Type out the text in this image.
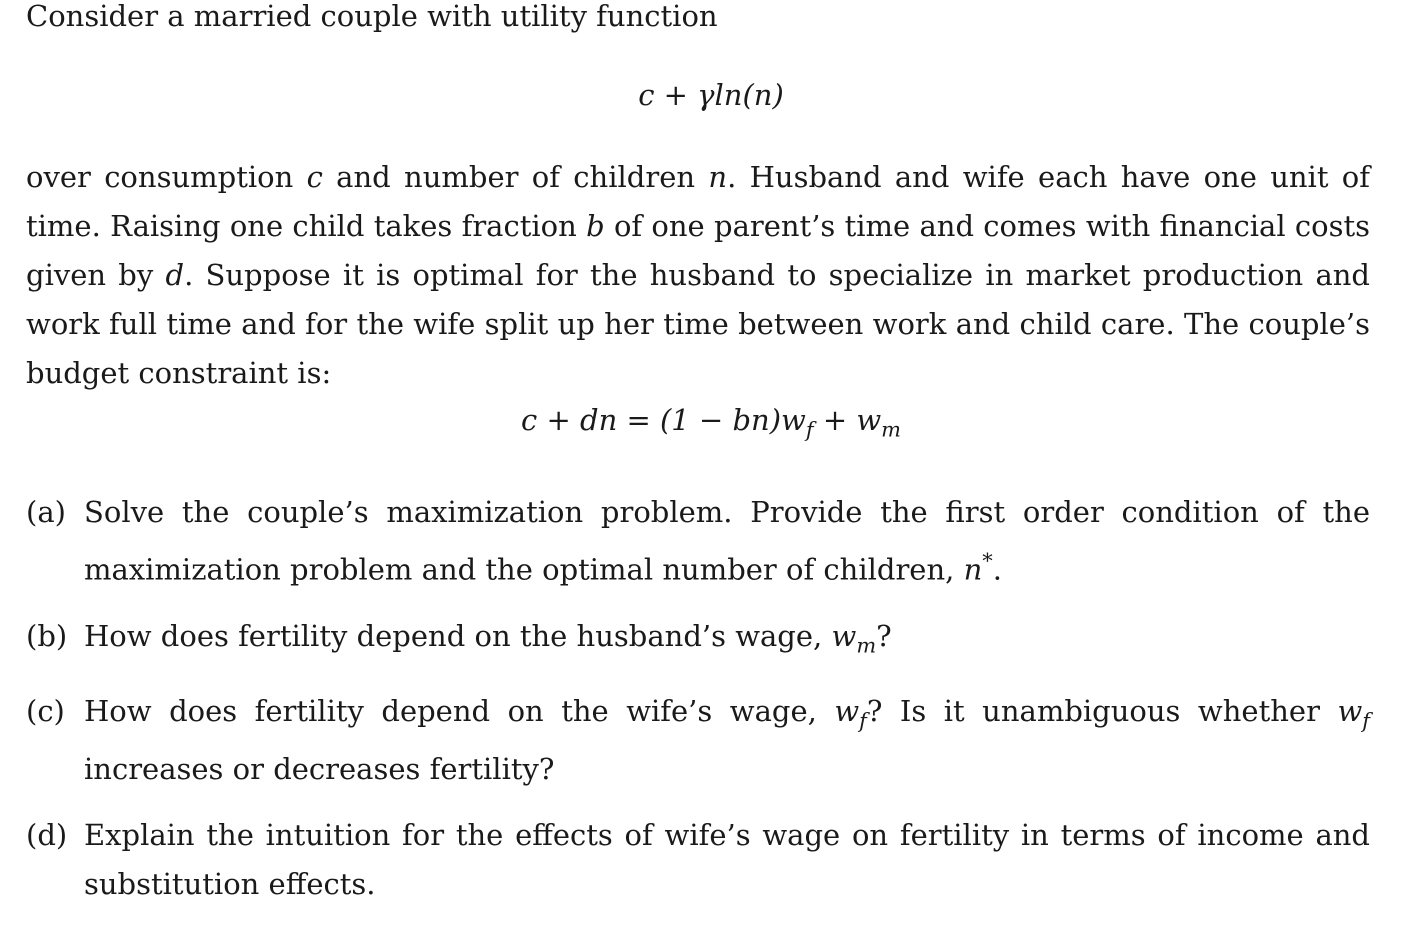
Consider a married couple with utility function

c + γln(n)

over consumption c and number of children n. Husband and wife each have one unit of time. Raising one child takes fraction b of one parent’s time and comes with financial costs given by d. Suppose it is optimal for the husband to specialize in market production and work full time and for the wife split up her time between work and child care. The couple’s budget constraint is:

c + dn = $(1 - bn)w_f + w_m$

(a) Solve the couple’s maximization problem. Provide the first order condition of the maximization problem and the optimal number of children, n*.
(b) How does fertility depend on the husband’s wage, $w_m$?
(c) How does fertility depend on the wife’s wage, $w_f$? Is it unambiguous whether $w_f$ increases or decreases fertility?
(d) Explain the intuition for the effects of wife’s wage on fertility in terms of income and substitution effects.
